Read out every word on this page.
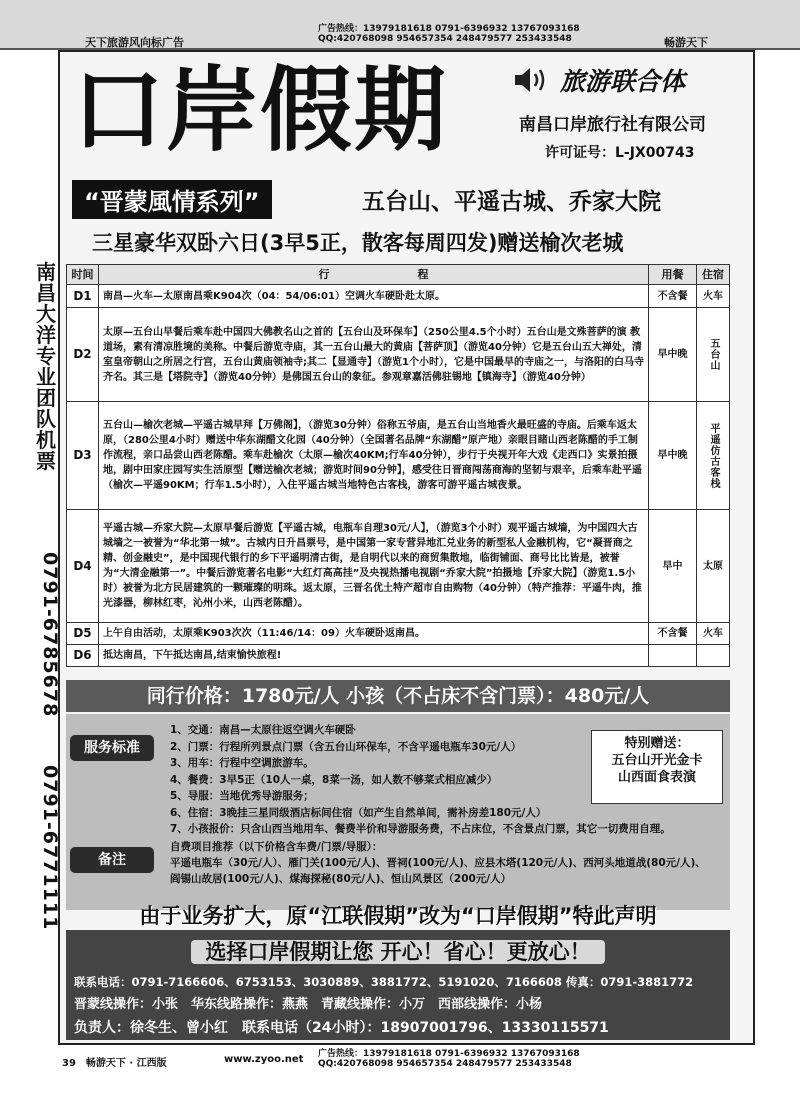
天下旅游风向标广告
广告热线：13979181618 0791-6396932 13767093168
QQ:420768098 954657354 248479577 253433548	畅游天下
口岸假期	旅游联合体
南昌口岸旅行社有限公司
许可证号：L-JX00743
“晋蒙風情系列”	五台山、平遥古城、乔家大院
三星豪华双卧六日(3早5正，散客每周四发)赠送榆次老城
南昌大洋专业团队机票
0791-6785678
0791-6771111
时间	行　　　　　　　　程	用餐	住宿
D1	南昌—火车—太原南昌乘K904次（04：54/06:01）空调火车硬卧赴太原。	不含餐	火车
D2	太原—五台山早餐后乘车赴中国四大佛教名山之首的【五台山及环保车】（250公里4.5个小时）五台山是文殊菩萨的演 教道场，素有清凉胜境的美称。中餐后游览寺庙，其一五台山最大的黄庙【菩萨顶】（游览40分钟）它是五台山五大禅处，清室皇帝朝山之所居之行宫，五台山黄庙领袖寺;其二【显通寺】（游览1个小时），它是中国最早的寺庙之一，与洛阳的白马寺齐名。其三是【塔院寺】（游览40分钟）是佛国五台山的象征。参观章嘉活佛驻锡地【镇海寺】（游览40分钟）	早中晚	五台山
D3	五台山—榆次老城—平遥古城早拜【万佛阁】，（游览30分钟）俗称五爷庙，是五台山当地香火最旺盛的寺庙。后乘车返太原，（280公里4小时）赠送中华东湖醋文化园（40分钟）（全国著名品牌“东湖醋”原产地）亲眼目睹山西老陈醋的手工制作流程，亲口品尝山西老陈醋。乘车赴榆次（太原—榆次40KM;行车40分钟），步行于央视开年大戏《走西口》实景拍摄地，剧中田家庄园写实生活原型【赠送榆次老城；游览时间90分钟】，感受往日晋商闯荡商海的坚韧与艰辛，后乘车赴平遥（榆次—平遥90KM；行车1.5小时），入住平遥古城当地特色古客栈，游客可游平遥古城夜景。	早中晚	平遥仿古客栈
D4	平遥古城—乔家大院—太原早餐后游览【平遥古城，电瓶车自理30元/人】，（游览3个小时）观平遥古城墙，为中国四大古城墙之一被誉为“华北第一城”。古城内日升昌票号，是中国第一家专营异地汇兑业务的新型私人金融机构，它“凝晋商之精、创金融史”，是中国现代银行的乡下平遥明清古街，是自明代以来的商贸集散地，临街铺面、商号比比皆是，被誉为“大清金融第一”。中餐后游览著名电影“大红灯高高挂”及央视热播电视剧“乔家大院”拍摄地【乔家大院】（游览1.5小时）被誉为北方民居建筑的一颗璀璨的明珠。返太原，三晋名优土特产超市自由购物（40分钟）（特产推荐：平遥牛肉，推光漆器，柳林红枣，沁州小米，山西老陈醋）。	早中	太原
D5	上午自由活动，太原乘K903次次（11:46/14：09）火车硬卧返南昌。	不含餐	火车
D6	抵达南昌，下午抵达南昌,结束愉快旅程!		
同行价格：1780元/人 小孩（不占床不含门票）：480元/人
服务标准
1、交通：南昌—太原往返空调火车硬卧
2、门票：行程所列景点门票（含五台山环保车，不含平遥电瓶车30元/人）
3、用车：行程中空调旅游车。
4、餐费：3早5正（10人一桌，8菜一汤，如人数不够菜式相应减少）
5、导服：当地优秀导游服务；
6、住宿：3晚挂三星同级酒店标间住宿（如产生自然单间，需补房差180元/人）
7、小孩报价：只含山西当地用车、餐费半价和导游服务费，不占床位，不含景点门票，其它一切费用自理。
特别赠送：
五台山开光金卡
山西面食表演
备注
自费项目推荐（以下价格含车费/门票/导服）：
平遥电瓶车（30元/人）、雁门关(100元/人)、晋祠(100元/人)、应县木塔(120元/人)、西河头地道战(80元/人)、
阎锡山故居(100元/人)、煤海探秘(80元/人)、恒山风景区（200元/人）
由于业务扩大，原“江联假期”改为“口岸假期”特此声明
选择口岸假期让您 开心！省心！更放心！
联系电话：0791-7166606、6753153、3030889、3881772、5191020、7166608 传真：0791-3881772
晋蒙线操作：小张　华东线路操作：燕燕　青藏线操作：小万　西部线操作：小杨
负责人：徐冬生、曾小红　联系电话（24小时）：18907001796、13330115571
39　畅游天下 · 江西版	www.zyoo.net 广告热线：13979181618 0791-6396932 13767093168
QQ:420768098 954657354 248479577 253433548
